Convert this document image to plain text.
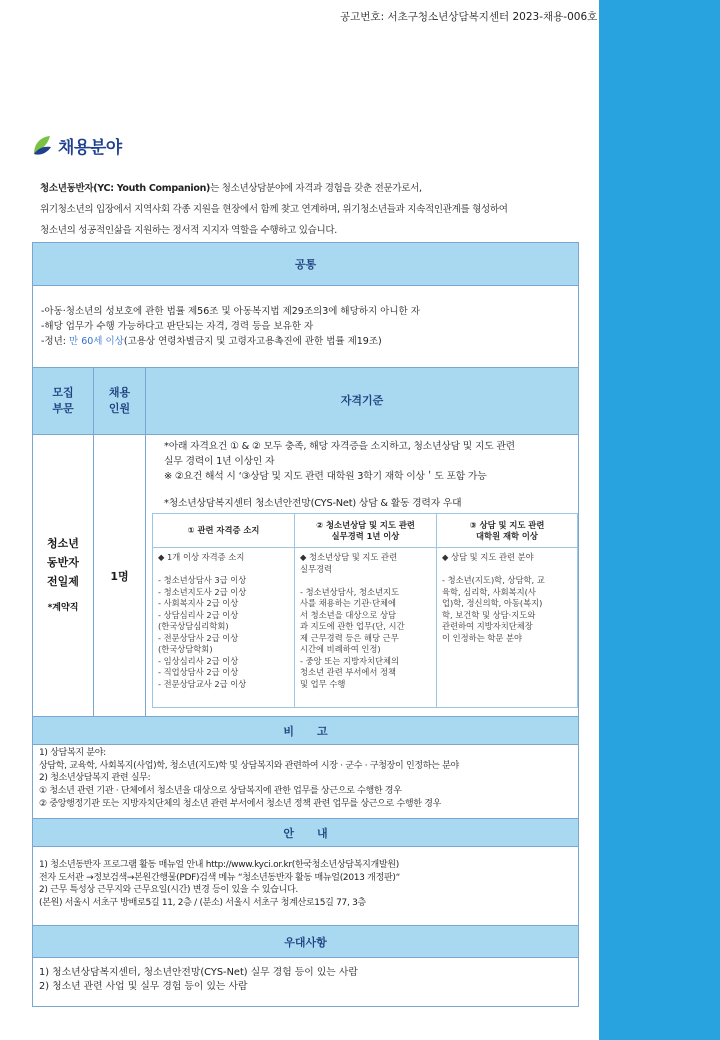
공고번호: 서초구청소년상담복지센터 2023-채용-006호
채용분야
청소년동반자(YC: Youth Companion)는 청소년상담분야에 자격과 경험을 갖춘 전문가로서,
위기청소년의 입장에서 지역사회 각종 지원을 현장에서 함께 찾고 연계하며, 위기청소년들과 지속적인관계를 형성하여
청소년의 성공적인삶을 지원하는 정서적 지지자 역할을 수행하고 있습니다.
공통
-아동·청소년의 성보호에 관한 법률 제56조 및 아동복지법 제29조의3에 해당하지 아니한 자
-해당 업무가 수행 가능하다고 판단되는 자격, 경력 등을 보유한 자
-정년: 만 60세 이상(고용상 연령차별금지 및 고령자고용촉진에 관한 법률 제19조)
모집
부문
채용
인원
자격기준
청소년
동반자
전일제
*계약직
1명
*아래 자격요건 ① & ② 모두 충족, 해당 자격증을 소지하고, 청소년상담 및 지도 관련
실무 경력이 1년 이상인 자
※ ②요건 해석 시 ‘③상담 및 지도 관련 대학원 3학기 재학 이상＇도 포함 가능
*청소년상담복지센터 청소년안전망(CYS-Net) 상담 & 활동 경력자 우대
① 관련 자격증 소지
② 청소년상담 및 지도 관련
실무경력 1년 이상
③ 상담 및 지도 관련
대학원 재학 이상
◆ 1개 이상 자격증 소지

- 청소년상담사 3급 이상
- 청소년지도사 2급 이상
- 사회복지사 2급 이상
- 상담심리사 2급 이상
(한국상담심리학회)
- 전문상담사 2급 이상
(한국상담학회)
- 임상심리사 2급 이상
- 직업상담사 2급 이상
- 전문상담교사 2급 이상
◆ 청소년상담 및 지도 관련
실무경력

- 청소년상담사, 청소년지도
사를 채용하는 기관·단체에
서 청소년을 대상으로 상담
과 지도에 관한 업무(단, 시간
제 근무경력 등은 해당 근무
시간에 비례하여 인정)
- 중앙 또는 지방자치단체의
청소년 관련 부서에서 정책
및 업무 수행
◆ 상담 및 지도 관련 분야

- 청소년(지도)학, 상담학, 교
육학, 심리학, 사회복지(사
업)학, 정신의학, 아동(복지)
학, 보건학 및 상담·지도와
관련하여 지방자치단체장
이 인정하는 학문 분야
비      고
1) 상담복지 분야:
상담학, 교육학, 사회복지(사업)학, 청소년(지도)학 및 상담복지와 관련하여 시장 · 군수 · 구청장이 인정하는 분야
2) 청소년상담복지 관련 실무:
① 청소년 관련 기관 · 단체에서 청소년을 대상으로 상담복지에 관한 업무를 상근으로 수행한 경우
② 중앙행정기관 또는 지방자치단체의 청소년 관련 부서에서 청소년 정책 관련 업무를 상근으로 수행한 경우
안      내
1) 청소년동반자 프로그램 활동 매뉴얼 안내 http://www.kyci.or.kr(한국청소년상담복지개발원)
전자 도서관 →정보검색→본원간행물(PDF)검색 메뉴 “청소년동반자 활동 매뉴얼(2013 개정판)“
2) 근무 특성상 근무지와 근무요일(시간) 변경 등이 있을 수 있습니다.
(본원) 서울시 서초구 방배로5길 11, 2층 / (분소) 서울시 서초구 청계산로15길 77, 3층
우대사항
1) 청소년상담복지센터, 청소년안전망(CYS-Net) 실무 경험 등이 있는 사람
2) 청소년 관련 사업 및 실무 경험 등이 있는 사람
